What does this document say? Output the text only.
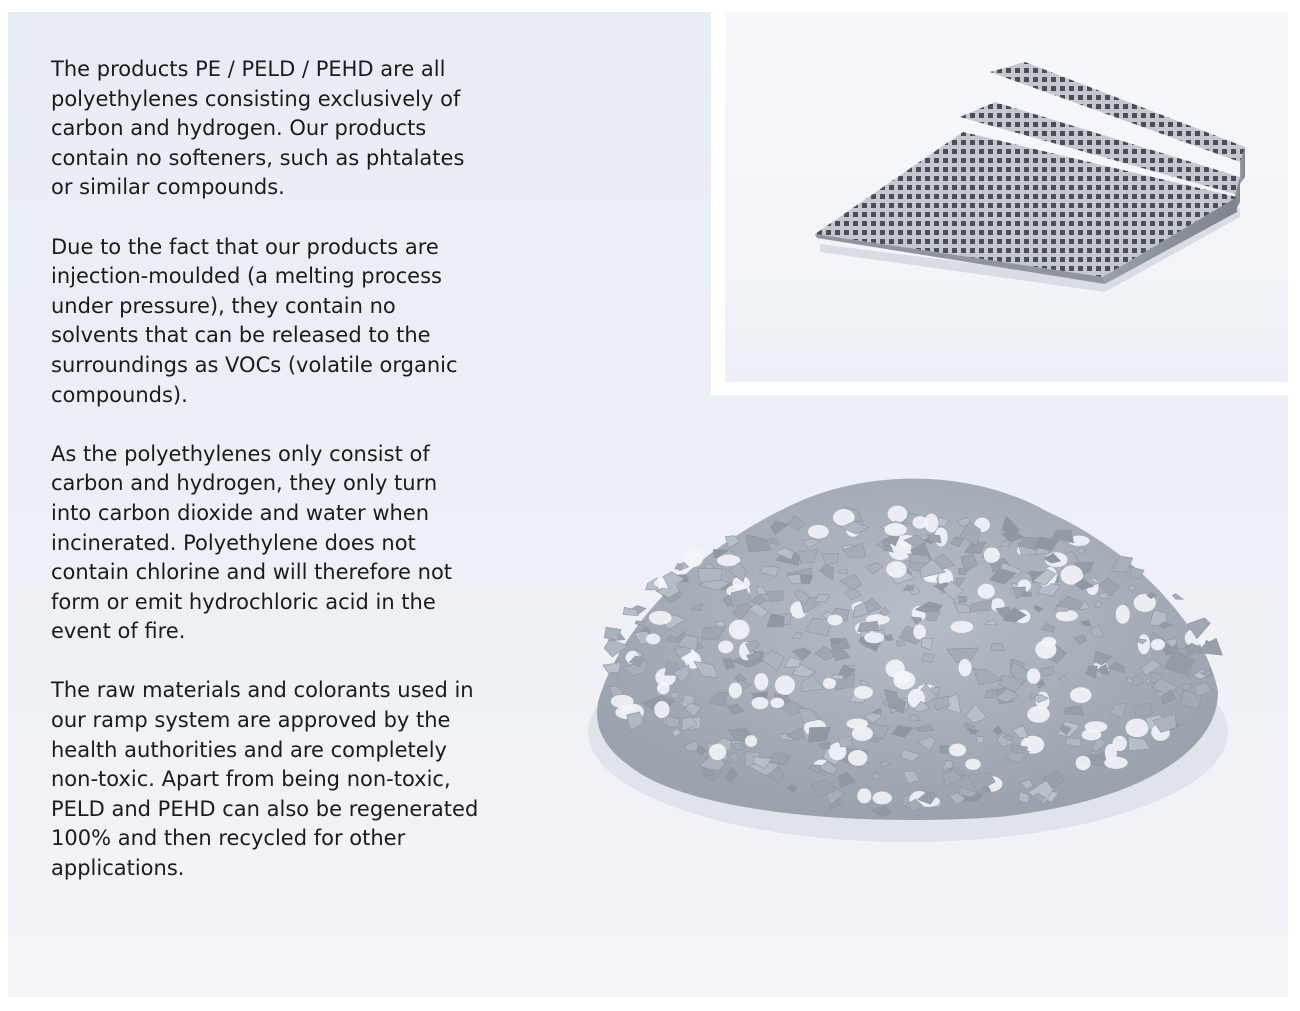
The products PE / PELD / PEHD are all
polyethylenes consisting exclusively of
carbon and hydrogen. Our products
contain no softeners, such as phtalates
or similar compounds.

Due to the fact that our products are
injection-moulded (a melting process
under pressure), they contain no
solvents that can be released to the
surroundings as VOCs (volatile organic
compounds).

As the polyethylenes only consist of
carbon and hydrogen, they only turn
into carbon dioxide and water when
incinerated. Polyethylene does not
contain chlorine and will therefore not
form or emit hydrochloric acid in the
event of fire.

The raw materials and colorants used in
our ramp system are approved by the
health authorities and are completely
non-toxic. Apart from being non-toxic,
PELD and PEHD can also be regenerated
100% and then recycled for other
applications.
